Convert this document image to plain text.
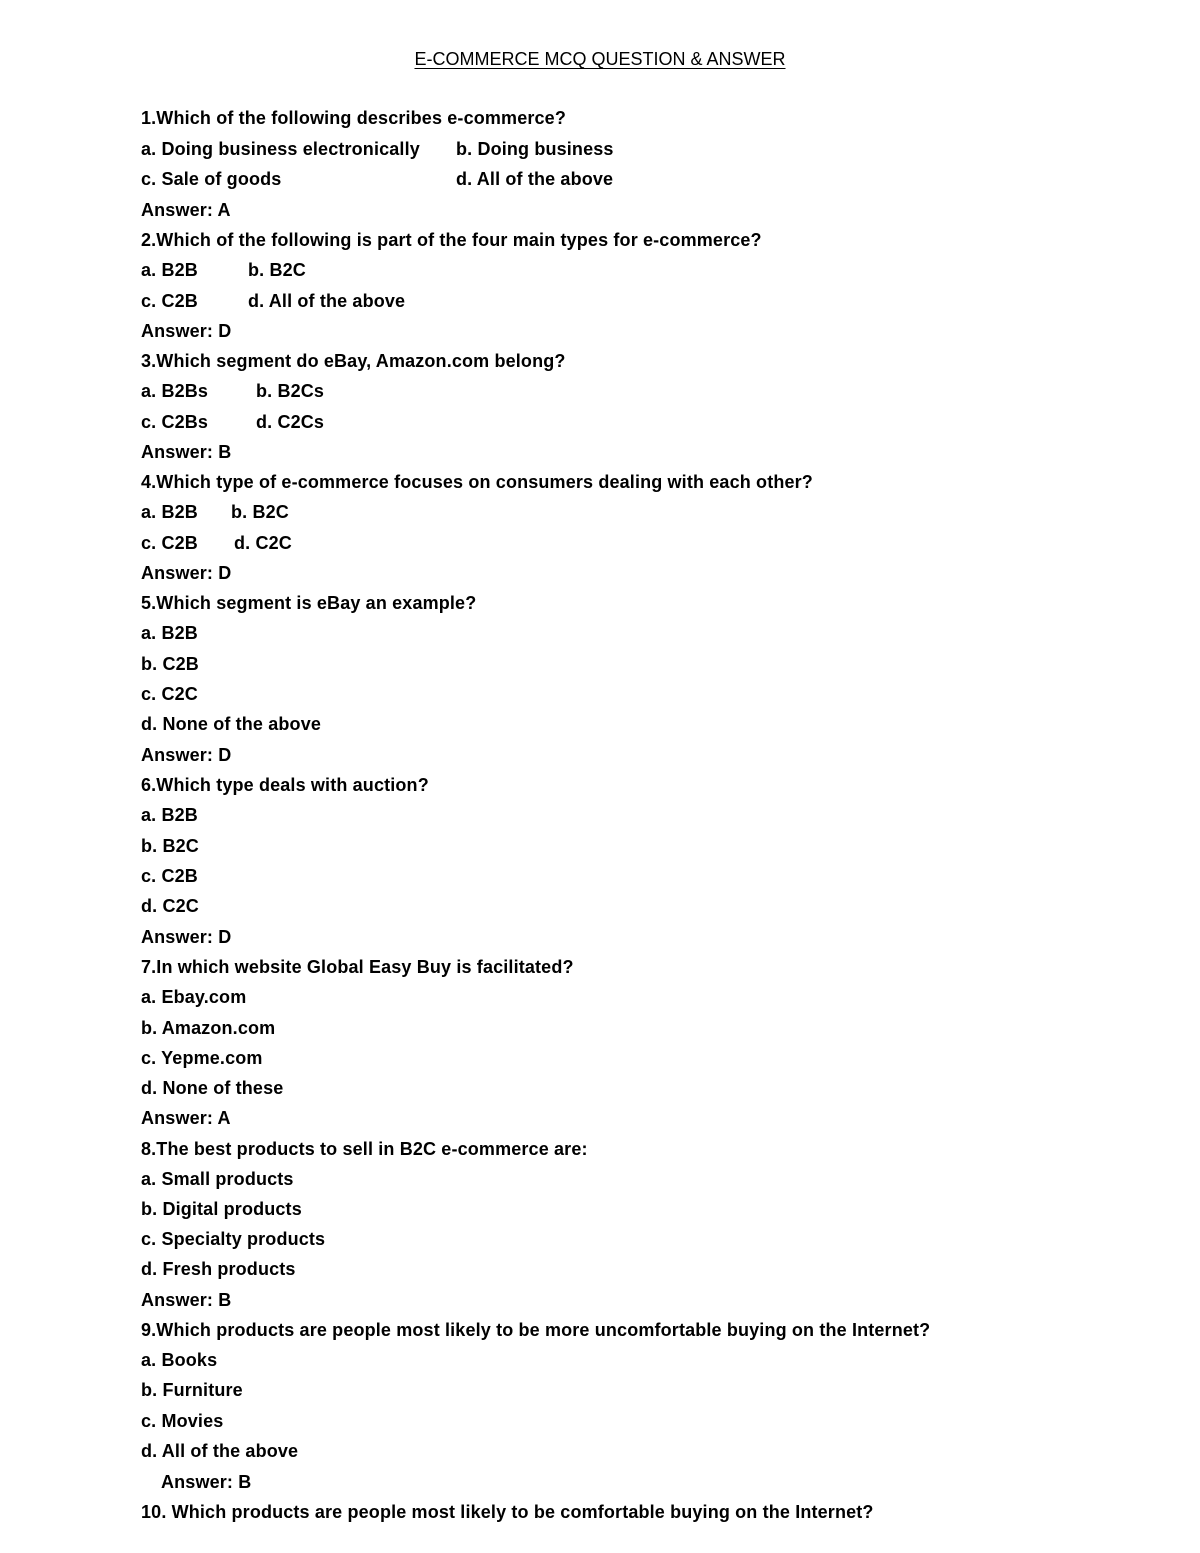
E-COMMERCE MCQ QUESTION & ANSWER
1.Which of the following describes e-commerce?
a. Doing business electronically b. Doing business
c. Sale of goods	d. All of the above
Answer: A
2.Which of the following is part of the four main types for e-commerce?
a. B2B	b. B2C
c. C2B	d. All of the above
Answer: D
3.Which segment do eBay, Amazon.com belong?
a. B2Bs	b. B2Cs
c. C2Bs	d. C2Cs
Answer: B
4.Which type of e-commerce focuses on consumers dealing with each other?
a. B2B b. B2C
c. C2B d. C2C
Answer: D
5.Which segment is eBay an example?
a. B2B
b. C2B
c. C2C
d. None of the above
Answer: D
6.Which type deals with auction?
a. B2B
b. B2C
c. C2B
d. C2C
Answer: D
7.In which website Global Easy Buy is facilitated?
a. Ebay.com
b. Amazon.com
c. Yepme.com
d. None of these
Answer: A
8.The best products to sell in B2C e-commerce are:
a. Small products
b. Digital products
c. Specialty products
d. Fresh products
Answer: B
9.Which products are people most likely to be more uncomfortable buying on the Internet?
a. Books
b. Furniture
c. Movies
d. All of the above
Answer: B
10. Which products are people most likely to be comfortable buying on the Internet?
